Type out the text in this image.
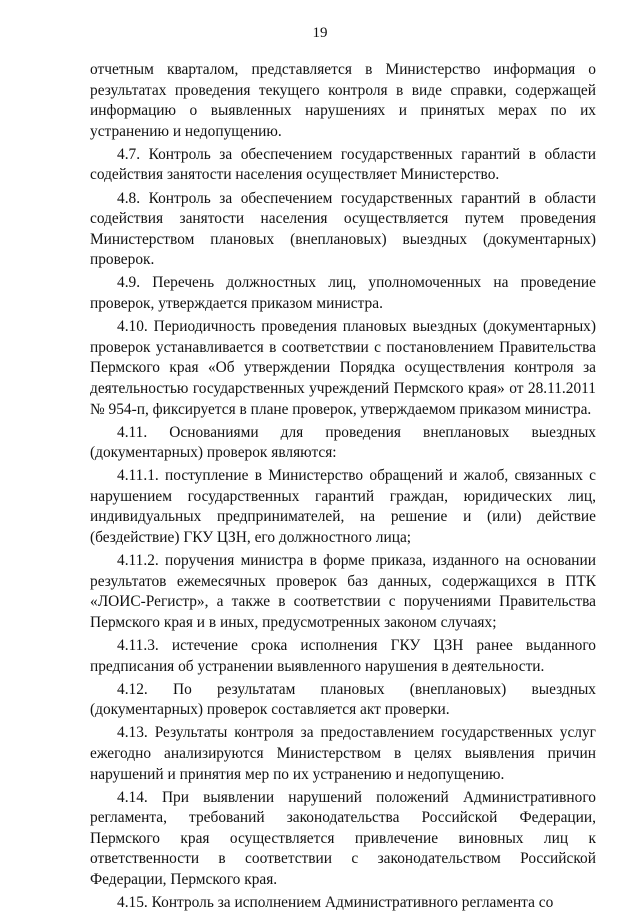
19

отчетным кварталом, представляется в Министерство информация о результатах проведения текущего контроля в виде справки, содержащей информацию о выявленных нарушениях и принятых мерах по их устранению и недопущению.

4.7. Контроль за обеспечением государственных гарантий в области содействия занятости населения осуществляет Министерство.

4.8. Контроль за обеспечением государственных гарантий в области содействия занятости населения осуществляется путем проведения Министерством плановых (внеплановых) выездных (документарных) проверок.

4.9. Перечень должностных лиц, уполномоченных на проведение проверок, утверждается приказом министра.

4.10. Периодичность проведения плановых выездных (документарных) проверок устанавливается в соответствии с постановлением Правительства Пермского края «Об утверждении Порядка осуществления контроля за деятельностью государственных учреждений Пермского края» от 28.11.2011 № 954-п, фиксируется в плане проверок, утверждаемом приказом министра.

4.11. Основаниями для проведения внеплановых выездных (документарных) проверок являются:

4.11.1. поступление в Министерство обращений и жалоб, связанных с нарушением государственных гарантий граждан, юридических лиц, индивидуальных предпринимателей, на решение и (или) действие (бездействие) ГКУ ЦЗН, его должностного лица;

4.11.2. поручения министра в форме приказа, изданного на основании результатов ежемесячных проверок баз данных, содержащихся в ПТК «ЛОИС-Регистр», а также в соответствии с поручениями Правительства Пермского края и в иных, предусмотренных законом случаях;

4.11.3. истечение срока исполнения ГКУ ЦЗН ранее выданного предписания об устранении выявленного нарушения в деятельности.

4.12. По результатам плановых (внеплановых) выездных (документарных) проверок составляется акт проверки.

4.13. Результаты контроля за предоставлением государственных услуг ежегодно анализируются Министерством в целях выявления причин нарушений и принятия мер по их устранению и недопущению.

4.14. При выявлении нарушений положений Административного регламента, требований законодательства Российской Федерации, Пермского края осуществляется привлечение виновных лиц к ответственности в соответствии с законодательством Российской Федерации, Пермского края.

4.15. Контроль за исполнением Административного регламента со
